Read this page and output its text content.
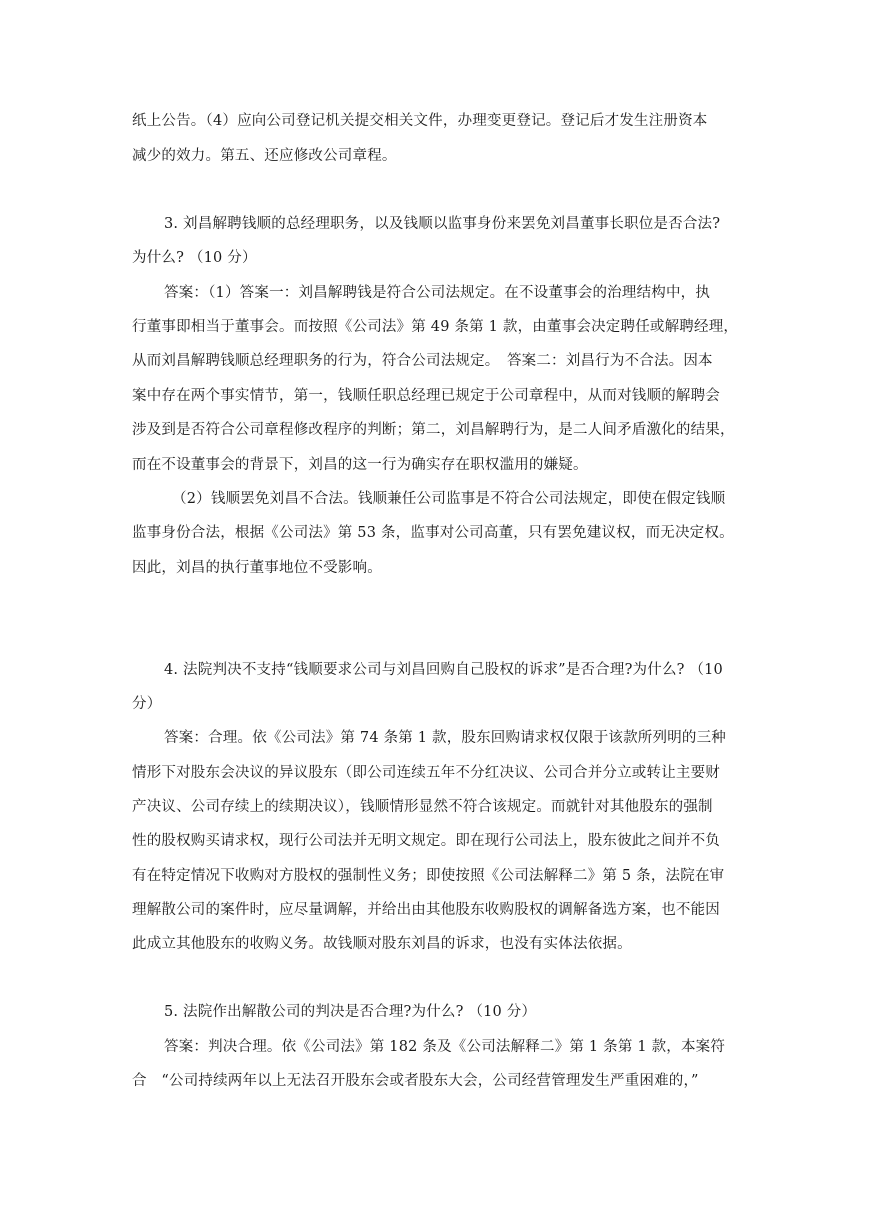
纸上公告。（4）应向公司登记机关提交相关文件，办理变更登记。登记后才发生注册资本
减少的效力。第五、还应修改公司章程。
3. 刘昌解聘钱顺的总经理职务，以及钱顺以监事身份来罢免刘昌董事长职位是否合法?
为什么? （10 分）
答案：（1）答案一：刘昌解聘钱是符合公司法规定。在不设董事会的治理结构中，执
行董事即相当于董事会。而按照《公司法》第 49 条第 1 款，由董事会决定聘任或解聘经理，
从而刘昌解聘钱顺总经理职务的行为，符合公司法规定。　答案二：刘昌行为不合法。因本
案中存在两个事实情节，第一，钱顺任职总经理已规定于公司章程中，从而对钱顺的解聘会
涉及到是否符合公司章程修改程序的判断；第二，刘昌解聘行为，是二人间矛盾激化的结果，
而在不设董事会的背景下，刘昌的这一行为确实存在职权滥用的嫌疑。
（2）钱顺罢免刘昌不合法。钱顺兼任公司监事是不符合公司法规定，即使在假定钱顺
监事身份合法，根据《公司法》第 53 条，监事对公司高董，只有罢免建议权，而无决定权。
因此，刘昌的执行董事地位不受影响。
4. 法院判决不支持“钱顺要求公司与刘昌回购自己股权的诉求”是否合理?为什么? （10
分）
答案：合理。依《公司法》第 74 条第 1 款，股东回购请求权仅限于该款所列明的三种
情形下对股东会决议的异议股东（即公司连续五年不分红决议、公司合并分立或转让主要财
产决议、公司存续上的续期决议），钱顺情形显然不符合该规定。而就针对其他股东的强制
性的股权购买请求权，现行公司法并无明文规定。即在现行公司法上，股东彼此之间并不负
有在特定情况下收购对方股权的强制性义务；即使按照《公司法解释二》第 5 条，法院在审
理解散公司的案件时，应尽量调解，并给出由其他股东收购股权的调解备选方案，也不能因
此成立其他股东的收购义务。故钱顺对股东刘昌的诉求，也没有实体法依据。
5. 法院作出解散公司的判决是否合理?为什么? （10 分）
答案：判决合理。依《公司法》第 182 条及《公司法解释二》第 1 条第 1 款，本案符
合　“公司持续两年以上无法召开股东会或者股东大会，公司经营管理发生严重困难的，”
